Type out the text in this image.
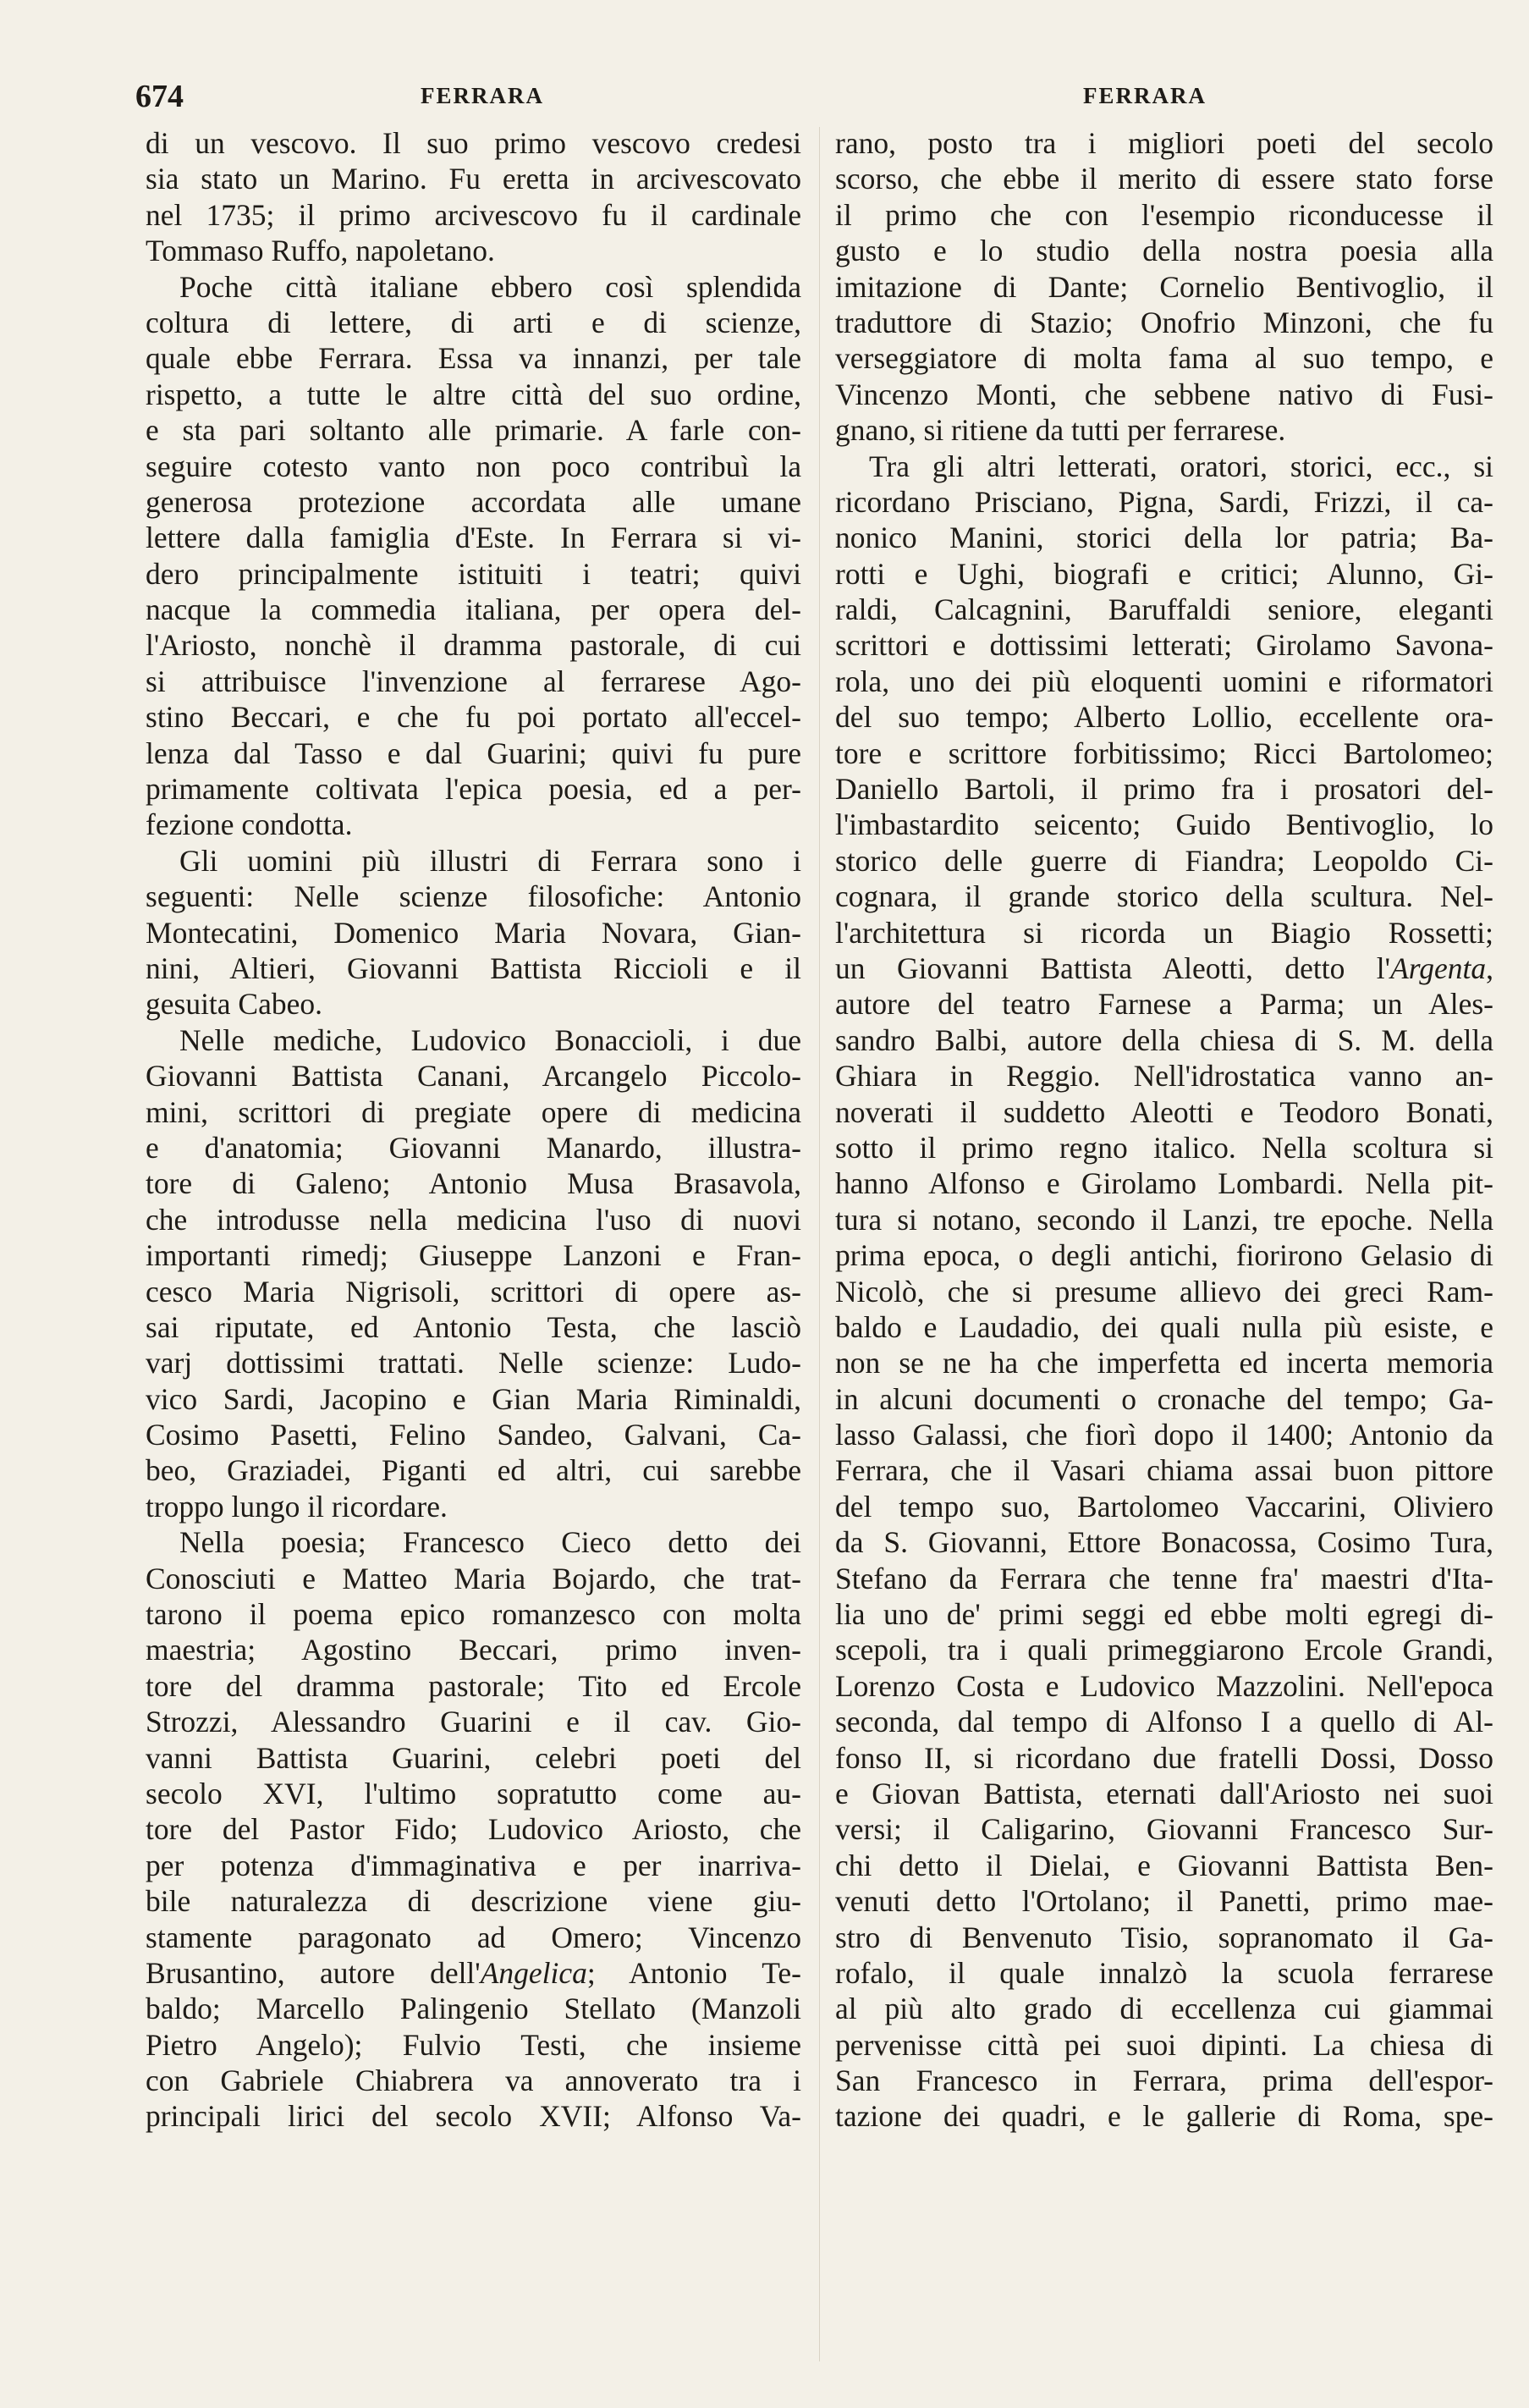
674	FERRARA	FERRARA
di un vescovo. Il suo primo vescovo credesi
sia stato un Marino. Fu eretta in arcivescovato
nel 1735; il primo arcivescovo fu il cardinale
Tommaso Ruffo, napoletano.
Poche città italiane ebbero così splendida
coltura di lettere, di arti e di scienze,
quale ebbe Ferrara. Essa va innanzi, per tale
rispetto, a tutte le altre città del suo ordine,
e sta pari soltanto alle primarie. A farle con-
seguire cotesto vanto non poco contribuì la
generosa protezione accordata alle umane
lettere dalla famiglia d'Este. In Ferrara si vi-
dero principalmente istituiti i teatri; quivi
nacque la commedia italiana, per opera del-
l'Ariosto, nonchè il dramma pastorale, di cui
si attribuisce l'invenzione al ferrarese Ago-
stino Beccari, e che fu poi portato all'eccel-
lenza dal Tasso e dal Guarini; quivi fu pure
primamente coltivata l'epica poesia, ed a per-
fezione condotta.
Gli uomini più illustri di Ferrara sono i
seguenti: Nelle scienze filosofiche: Antonio
Montecatini, Domenico Maria Novara, Gian-
nini, Altieri, Giovanni Battista Riccioli e il
gesuita Cabeo.
Nelle mediche, Ludovico Bonaccioli, i due
Giovanni Battista Canani, Arcangelo Piccolo-
mini, scrittori di pregiate opere di medicina
e d'anatomia; Giovanni Manardo, illustra-
tore di Galeno; Antonio Musa Brasavola,
che introdusse nella medicina l'uso di nuovi
importanti rimedj; Giuseppe Lanzoni e Fran-
cesco Maria Nigrisoli, scrittori di opere as-
sai riputate, ed Antonio Testa, che lasciò
varj dottissimi trattati. Nelle scienze: Ludo-
vico Sardi, Jacopino e Gian Maria Riminaldi,
Cosimo Pasetti, Felino Sandeo, Galvani, Ca-
beo, Graziadei, Piganti ed altri, cui sarebbe
troppo lungo il ricordare.
Nella poesia; Francesco Cieco detto dei
Conosciuti e Matteo Maria Bojardo, che trat-
tarono il poema epico romanzesco con molta
maestria; Agostino Beccari, primo inven-
tore del dramma pastorale; Tito ed Ercole
Strozzi, Alessandro Guarini e il cav. Gio-
vanni Battista Guarini, celebri poeti del
secolo XVI, l'ultimo sopratutto come au-
tore del Pastor Fido; Ludovico Ariosto, che
per potenza d'immaginativa e per inarriva-
bile naturalezza di descrizione viene giu-
stamente paragonato ad Omero; Vincenzo
Brusantino, autore dell'Angelica; Antonio Te-
baldo; Marcello Palingenio Stellato (Manzoli
Pietro Angelo); Fulvio Testi, che insieme
con Gabriele Chiabrera va annoverato tra i
principali lirici del secolo XVII; Alfonso Va-
rano, posto tra i migliori poeti del secolo
scorso, che ebbe il merito di essere stato forse
il primo che con l'esempio riconducesse il
gusto e lo studio della nostra poesia alla
imitazione di Dante; Cornelio Bentivoglio, il
traduttore di Stazio; Onofrio Minzoni, che fu
verseggiatore di molta fama al suo tempo, e
Vincenzo Monti, che sebbene nativo di Fusi-
gnano, si ritiene da tutti per ferrarese.
Tra gli altri letterati, oratori, storici, ecc., si
ricordano Prisciano, Pigna, Sardi, Frizzi, il ca-
nonico Manini, storici della lor patria; Ba-
rotti e Ughi, biografi e critici; Alunno, Gi-
raldi, Calcagnini, Baruffaldi seniore, eleganti
scrittori e dottissimi letterati; Girolamo Savona-
rola, uno dei più eloquenti uomini e riformatori
del suo tempo; Alberto Lollio, eccellente ora-
tore e scrittore forbitissimo; Ricci Bartolomeo;
Daniello Bartoli, il primo fra i prosatori del-
l'imbastardito seicento; Guido Bentivoglio, lo
storico delle guerre di Fiandra; Leopoldo Ci-
cognara, il grande storico della scultura. Nel-
l'architettura si ricorda un Biagio Rossetti;
un Giovanni Battista Aleotti, detto l'Argenta,
autore del teatro Farnese a Parma; un Ales-
sandro Balbi, autore della chiesa di S. M. della
Ghiara in Reggio. Nell'idrostatica vanno an-
noverati il suddetto Aleotti e Teodoro Bonati,
sotto il primo regno italico. Nella scoltura si
hanno Alfonso e Girolamo Lombardi. Nella pit-
tura si notano, secondo il Lanzi, tre epoche. Nella
prima epoca, o degli antichi, fiorirono Gelasio di
Nicolò, che si presume allievo dei greci Ram-
baldo e Laudadio, dei quali nulla più esiste, e
non se ne ha che imperfetta ed incerta memoria
in alcuni documenti o cronache del tempo; Ga-
lasso Galassi, che fiorì dopo il 1400; Antonio da
Ferrara, che il Vasari chiama assai buon pittore
del tempo suo, Bartolomeo Vaccarini, Oliviero
da S. Giovanni, Ettore Bonacossa, Cosimo Tura,
Stefano da Ferrara che tenne fra' maestri d'Ita-
lia uno de' primi seggi ed ebbe molti egregi di-
scepoli, tra i quali primeggiarono Ercole Grandi,
Lorenzo Costa e Ludovico Mazzolini. Nell'epoca
seconda, dal tempo di Alfonso I a quello di Al-
fonso II, si ricordano due fratelli Dossi, Dosso
e Giovan Battista, eternati dall'Ariosto nei suoi
versi; il Caligarino, Giovanni Francesco Sur-
chi detto il Dielai, e Giovanni Battista Ben-
venuti detto l'Ortolano; il Panetti, primo mae-
stro di Benvenuto Tisio, sopranomato il Ga-
rofalo, il quale innalzò la scuola ferrarese
al più alto grado di eccellenza cui giammai
pervenisse città pei suoi dipinti. La chiesa di
San Francesco in Ferrara, prima dell'espor-
tazione dei quadri, e le gallerie di Roma, spe-
